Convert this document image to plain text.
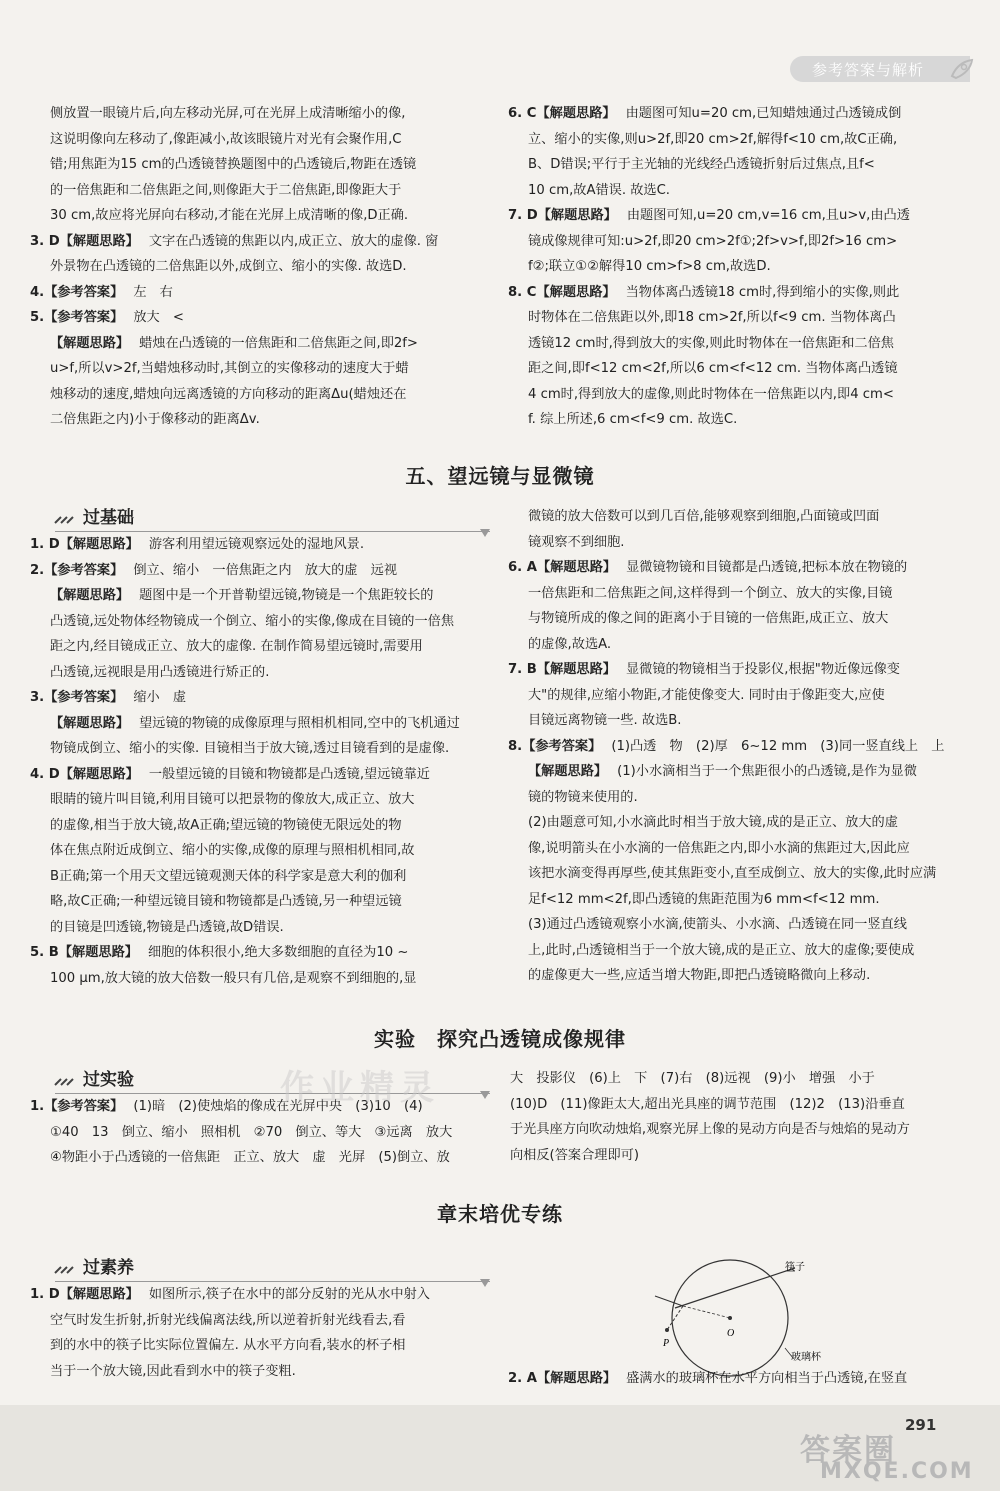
参考答案与解析

侧放置一眼镜片后,向左移动光屏,可在光屏上成清晰缩小的像,

这说明像向左移动了,像距减小,故该眼镜片对光有会聚作用,C

错;用焦距为15 cm的凸透镜替换题图中的凸透镜后,物距在透镜

的一倍焦距和二倍焦距之间,则像距大于二倍焦距,即像距大于

30 cm,故应将光屏向右移动,才能在光屏上成清晰的像,D正确.

3. D【解题思路】 文字在凸透镜的焦距以内,成正立、放大的虚像. 窗

外景物在凸透镜的二倍焦距以外,成倒立、缩小的实像. 故选D.

4.【参考答案】 左　右

5.【参考答案】 放大　<

【解题思路】 蜡烛在凸透镜的一倍焦距和二倍焦距之间,即2f>

u>f,所以v>2f,当蜡烛移动时,其倒立的实像移动的速度大于蜡

烛移动的速度,蜡烛向远离透镜的方向移动的距离Δu(蜡烛还在

二倍焦距之内)小于像移动的距离Δv.

6. C【解题思路】 由题图可知u=20 cm,已知蜡烛通过凸透镜成倒

立、缩小的实像,则u>2f,即20 cm>2f,解得f<10 cm,故C正确,

B、D错误;平行于主光轴的光线经凸透镜折射后过焦点,且f<

10 cm,故A错误. 故选C.

7. D【解题思路】 由题图可知,u=20 cm,v=16 cm,且u>v,由凸透

镜成像规律可知:u>2f,即20 cm>2f①;2f>v>f,即2f>16 cm>

f②;联立①②解得10 cm>f>8 cm,故选D.

8. C【解题思路】 当物体离凸透镜18 cm时,得到缩小的实像,则此

时物体在二倍焦距以外,即18 cm>2f,所以f<9 cm. 当物体离凸

透镜12 cm时,得到放大的实像,则此时物体在一倍焦距和二倍焦

距之间,即f<12 cm<2f,所以6 cm<f<12 cm. 当物体离凸透镜

4 cm时,得到放大的虚像,则此时物体在一倍焦距以内,即4 cm<

f. 综上所述,6 cm<f<9 cm. 故选C.

五、望远镜与显微镜
过基础

1. D【解题思路】 游客利用望远镜观察远处的湿地风景.

2.【参考答案】 倒立、缩小　一倍焦距之内　放大的虚　远视

【解题思路】 题图中是一个开普勒望远镜,物镜是一个焦距较长的

凸透镜,远处物体经物镜成一个倒立、缩小的实像,像成在目镜的一倍焦

距之内,经目镜成正立、放大的虚像. 在制作简易望远镜时,需要用

凸透镜,远视眼是用凸透镜进行矫正的.

3.【参考答案】 缩小　虚

【解题思路】 望远镜的物镜的成像原理与照相机相同,空中的飞机通过

物镜成倒立、缩小的实像. 目镜相当于放大镜,透过目镜看到的是虚像.

4. D【解题思路】 一般望远镜的目镜和物镜都是凸透镜,望远镜靠近

眼睛的镜片叫目镜,利用目镜可以把景物的像放大,成正立、放大

的虚像,相当于放大镜,故A正确;望远镜的物镜使无限远处的物

体在焦点附近成倒立、缩小的实像,成像的原理与照相机相同,故

B正确;第一个用天文望远镜观测天体的科学家是意大利的伽利

略,故C正确;一种望远镜目镜和物镜都是凸透镜,另一种望远镜

的目镜是凹透镜,物镜是凸透镜,故D错误.

5. B【解题思路】 细胞的体积很小,绝大多数细胞的直径为10 ~

100 μm,放大镜的放大倍数一般只有几倍,是观察不到细胞的,显

微镜的放大倍数可以到几百倍,能够观察到细胞,凸面镜或凹面

镜观察不到细胞.

6. A【解题思路】 显微镜物镜和目镜都是凸透镜,把标本放在物镜的

一倍焦距和二倍焦距之间,这样得到一个倒立、放大的实像,目镜

与物镜所成的像之间的距离小于目镜的一倍焦距,成正立、放大

的虚像,故选A.

7. B【解题思路】 显微镜的物镜相当于投影仪,根据"物近像远像变

大"的规律,应缩小物距,才能使像变大. 同时由于像距变大,应使

目镜远离物镜一些. 故选B.

8.【参考答案】 (1)凸透　物　(2)厚　6~12 mm　(3)同一竖直线上　上

【解题思路】 (1)小水滴相当于一个焦距很小的凸透镜,是作为显微

镜的物镜来使用的.

(2)由题意可知,小水滴此时相当于放大镜,成的是正立、放大的虚

像,说明箭头在小水滴的一倍焦距之内,即小水滴的焦距过大,因此应

该把水滴变得再厚些,使其焦距变小,直至成倒立、放大的实像,此时应满

足f<12 mm<2f,即凸透镜的焦距范围为6 mm<f<12 mm.

(3)通过凸透镜观察小水滴,使箭头、小水滴、凸透镜在同一竖直线

上,此时,凸透镜相当于一个放大镜,成的是正立、放大的虚像;要使成

的虚像更大一些,应适当增大物距,即把凸透镜略微向上移动.

实验　探究凸透镜成像规律
过实验

1.【参考答案】 (1)暗　(2)使烛焰的像成在光屏中央　(3)10　(4)

①40　13　倒立、缩小　照相机　②70　倒立、等大　③远离　放大

④物距小于凸透镜的一倍焦距　正立、放大　虚　光屏　(5)倒立、放

大　投影仪　(6)上　下　(7)右　(8)远视　(9)小　增强　小于

(10)D　(11)像距太大,超出光具座的调节范围　(12)2　(13)沿垂直

于光具座方向吹动烛焰,观察光屏上像的晃动方向是否与烛焰的晃动方

向相反(答案合理即可)

章末培优专练
过素养

1. D【解题思路】 如图所示,筷子在水中的部分反射的光从水中射入

空气时发生折射,折射光线偏离法线,所以逆着折射光线看去,看

到的水中的筷子比实际位置偏左. 从水平方向看,装水的杯子相

当于一个放大镜,因此看到水中的筷子变粗.

P
O
筷子
玻璃杯

2. A【解题思路】 盛满水的玻璃杯在水平方向相当于凸透镜,在竖直

291
答案圈
MXQE.COM
作业精灵
